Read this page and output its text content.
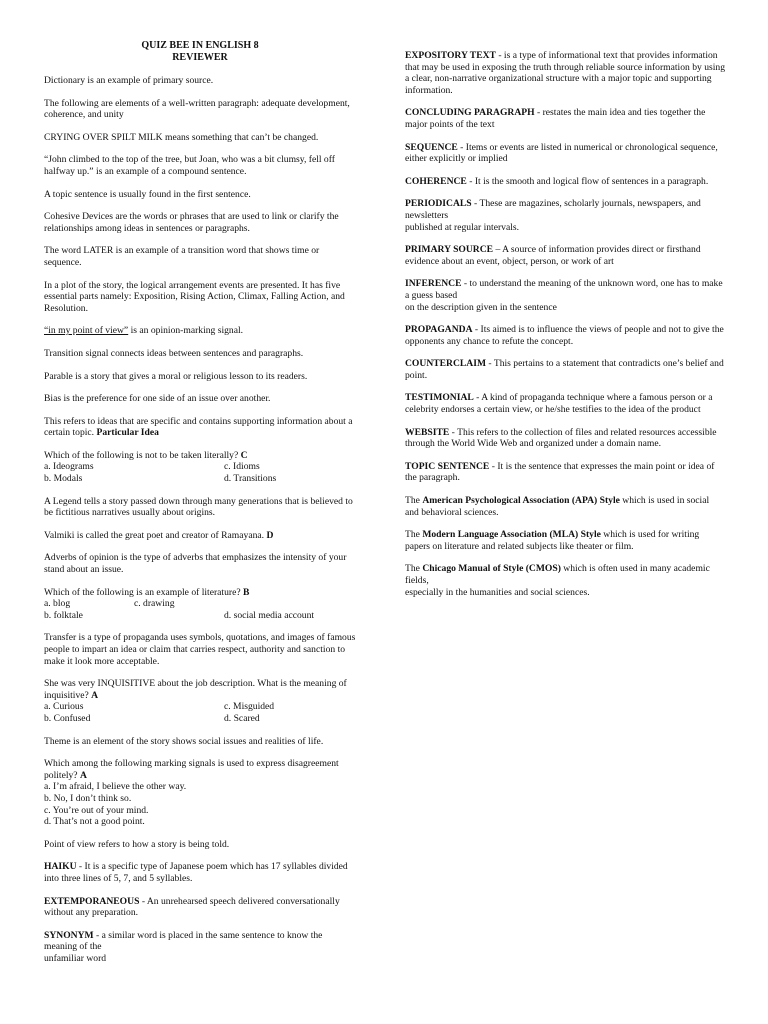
QUIZ BEE IN ENGLISH 8

REVIEWER

Dictionary is an example of primary source.

The following are elements of a well-written paragraph: adequate development, coherence, and unity

CRYING OVER SPILT MILK means something that can’t be changed.

“John climbed to the top of the tree, but Joan, who was a bit clumsy, fell off halfway up.” is an example of a compound sentence.

A topic sentence is usually found in the first sentence.

Cohesive Devices are the words or phrases that are used to link or clarify the relationships among ideas in sentences or paragraphs.

The word LATER is an example of a transition word that shows time or sequence.

In a plot of the story, the logical arrangement events are presented. It has five essential parts namely: Exposition, Rising Action, Climax, Falling Action, and Resolution.

“in my point of view” is an opinion-marking signal.

Transition signal connects ideas between sentences and paragraphs.

Parable is a story that gives a moral or religious lesson to its readers.

Bias is the preference for one side of an issue over another.

This refers to ideas that are specific and contains supporting information about a certain topic. Particular Idea

Which of the following is not to be taken literally? C

a. Ideograms	c. Idioms
b. Modals	d. Transitions

A Legend tells a story passed down through many generations that is believed to be fictitious narratives usually about origins.

Valmiki is called the great poet and creator of Ramayana. D

Adverbs of opinion is the type of adverbs that emphasizes the intensity of your stand about an issue.

Which of the following is an example of literature? B

a. blog	c. drawing
b. folktale	d. social media account

Transfer is a type of propaganda uses symbols, quotations, and images of famous people to impart an idea or claim that carries respect, authority and sanction to make it look more acceptable.

She was very INQUISITIVE about the job description. What is the meaning of inquisitive? A

a. Curious	c. Misguided
b. Confused	d. Scared

Theme is an element of the story shows social issues and realities of life.

Which among the following marking signals is used to express disagreement politely? A

a. I’m afraid, I believe the other way.
b. No, I don’t think so.
c. You’re out of your mind.
d. That’s not a good point.

Point of view refers to how a story is being told.

HAIKU - It is a specific type of Japanese poem which has 17 syllables divided into three lines of 5, 7, and 5 syllables.

EXTEMPORANEOUS - An unrehearsed speech delivered conversationally without any preparation.

SYNONYM - a similar word is placed in the same sentence to know the meaning of the
unfamiliar word

EXPOSITORY TEXT - is a type of informational text that provides information that may be used in exposing the truth through reliable source information by using a clear, non-narrative organizational structure with a major topic and supporting information.

CONCLUDING PARAGRAPH - restates the main idea and ties together the major points of the text

SEQUENCE - Items or events are listed in numerical or chronological sequence, either explicitly or implied

COHERENCE - It is the smooth and logical flow of sentences in a paragraph.

PERIODICALS - These are magazines, scholarly journals, newspapers, and newsletters
published at regular intervals.

PRIMARY SOURCE – A source of information provides direct or firsthand evidence about an event, object, person, or work of art

INFERENCE - to understand the meaning of the unknown word, one has to make a guess based
on the description given in the sentence

PROPAGANDA - Its aimed is to influence the views of people and not to give the opponents any chance to refute the concept.

COUNTERCLAIM - This pertains to a statement that contradicts one’s belief and point.

TESTIMONIAL - A kind of propaganda technique where a famous person or a celebrity endorses a certain view, or he/she testifies to the idea of the product

WEBSITE - This refers to the collection of files and related resources accessible through the World Wide Web and organized under a domain name.

TOPIC SENTENCE - It is the sentence that expresses the main point or idea of the paragraph.

The American Psychological Association (APA) Style which is used in social and behavioral sciences.

The Modern Language Association (MLA) Style which is used for writing papers on literature and related subjects like theater or film.

The Chicago Manual of Style (CMOS) which is often used in many academic fields,
especially in the humanities and social sciences.
